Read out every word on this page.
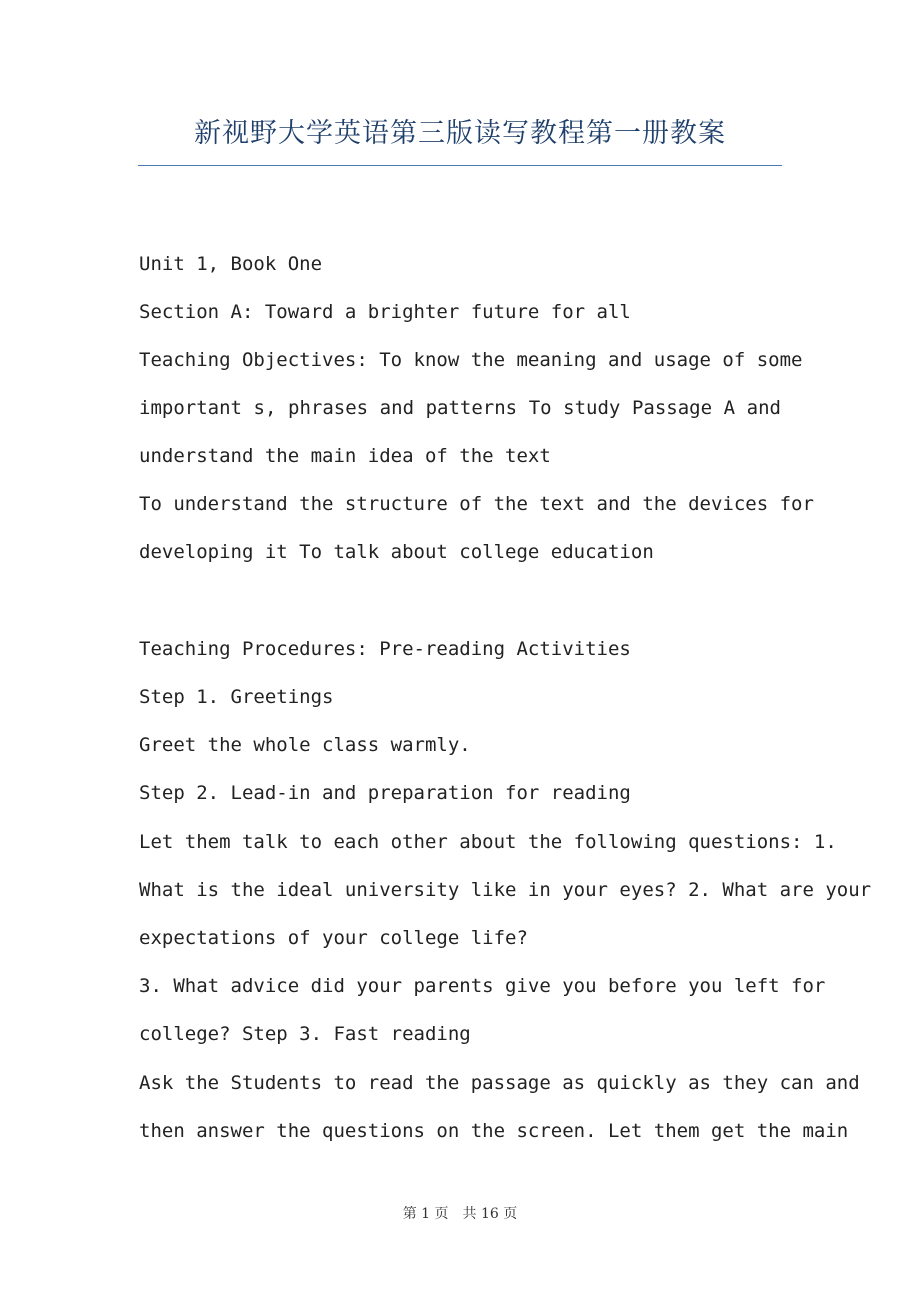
新视野大学英语第三版读写教程第一册教案
Unit 1, Book One
Section A: Toward a brighter future for all
Teaching Objectives: To know the meaning and usage of some
important s, phrases and patterns To study Passage A and
understand the main idea of the text
To understand the structure of the text and the devices for
developing it To talk about college education
Teaching Procedures: Pre-reading Activities
Step 1. Greetings
Greet the whole class warmly.
Step 2. Lead-in and preparation for reading
Let them talk to each other about the following questions: 1.
What is the ideal university like in your eyes? 2. What are your
expectations of your college life?
3. What advice did your parents give you before you left for
college? Step 3. Fast reading
Ask the Students to read the passage as quickly as they can and
then answer the questions on the screen. Let them get the main
第 1 页 共 16 页
